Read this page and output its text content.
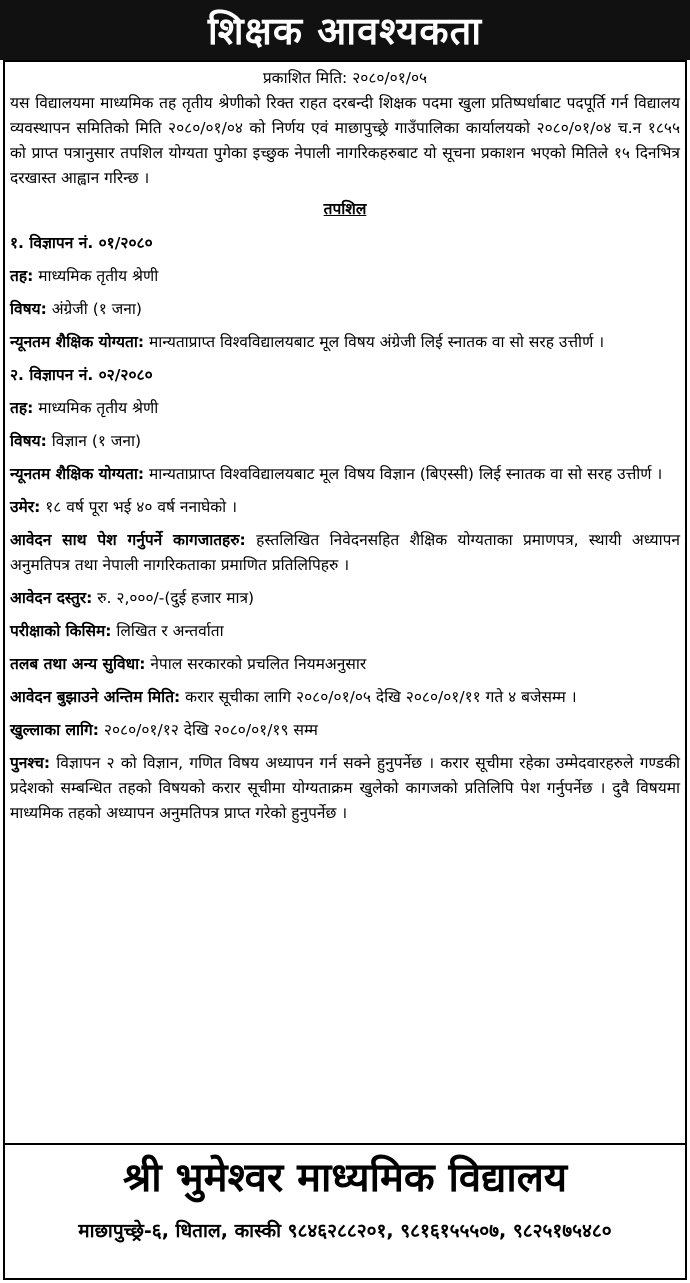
शिक्षक आवश्यकता

प्रकाशित मिति: २०८०/०१/०५

यस विद्यालयमा माध्यमिक तह तृतीय श्रेणीको रिक्त राहत दरबन्दी शिक्षक पदमा खुला प्रतिष्पर्धाबाट पदपूर्ति गर्न विद्यालय व्यवस्थापन समितिको मिति २०८०/०१/०४ को निर्णय एवं माछापुच्छ्रे गाउँपालिका कार्यालयको २०८०/०१/०४ च.न १८५५ को प्राप्त पत्रानुसार तपशिल योग्यता पुगेका इच्छुक नेपाली नागरिकहरुबाट यो सूचना प्रकाशन भएको मितिले १५ दिनभित्र दरखास्त आह्वान गरिन्छ ।

तपशिल

१. विज्ञापन नं. ०१/२०८०

तह: माध्यमिक तृतीय श्रेणी

विषय: अंग्रेजी (१ जना)

न्यूनतम शैक्षिक योग्यता: मान्यताप्राप्त विश्वविद्यालयबाट मूल विषय अंग्रेजी लिई स्नातक वा सो सरह उत्तीर्ण ।

२. विज्ञापन नं. ०२/२०८०

तह: माध्यमिक तृतीय श्रेणी

विषय: विज्ञान (१ जना)

न्यूनतम शैक्षिक योग्यता: मान्यताप्राप्त विश्वविद्यालयबाट मूल विषय विज्ञान (बिएस्सी) लिई स्नातक वा सो सरह उत्तीर्ण ।

उमेर: १८ वर्ष पूरा भई ४० वर्ष ननाघेको ।

आवेदन साथ पेश गर्नुपर्ने कागजातहरु: हस्तलिखित निवेदनसहित शैक्षिक योग्यताका प्रमाणपत्र, स्थायी अध्यापन अनुमतिपत्र तथा नेपाली नागरिकताका प्रमाणित प्रतिलिपिहरु ।

आवेदन दस्तुर: रु. २,०००/-(दुई हजार मात्र)

परीक्षाको किसिम: लिखित र अन्तर्वाता

तलब तथा अन्य सुविधा: नेपाल सरकारको प्रचलित नियमअनुसार

आवेदन बुझाउने अन्तिम मिति: करार सूचीका लागि २०८०/०१/०५ देखि २०८०/०१/११ गते ४ बजेसम्म ।

खुल्लाका लागि: २०८०/०१/१२ देखि २०८०/०१/१९ सम्म

पुनश्च: विज्ञापन २ को विज्ञान, गणित विषय अध्यापन गर्न सक्ने हुनुपर्नेछ । करार सूचीमा रहेका उम्मेदवारहरुले गण्डकी प्रदेशको सम्बन्धित तहको विषयको करार सूचीमा योग्यताक्रम खुलेको कागजको प्रतिलिपि पेश गर्नुपर्नेछ । दुवै विषयमा माध्यमिक तहको अध्यापन अनुमतिपत्र प्राप्त गरेको हुनुपर्नेछ ।

श्री भुमेश्वर माध्यमिक विद्यालय
माछापुच्छ्रे-६, धिताल, कास्की ९८४६२८८२०१, ९८१६१५५५०७, ९८२५१७५४८०
